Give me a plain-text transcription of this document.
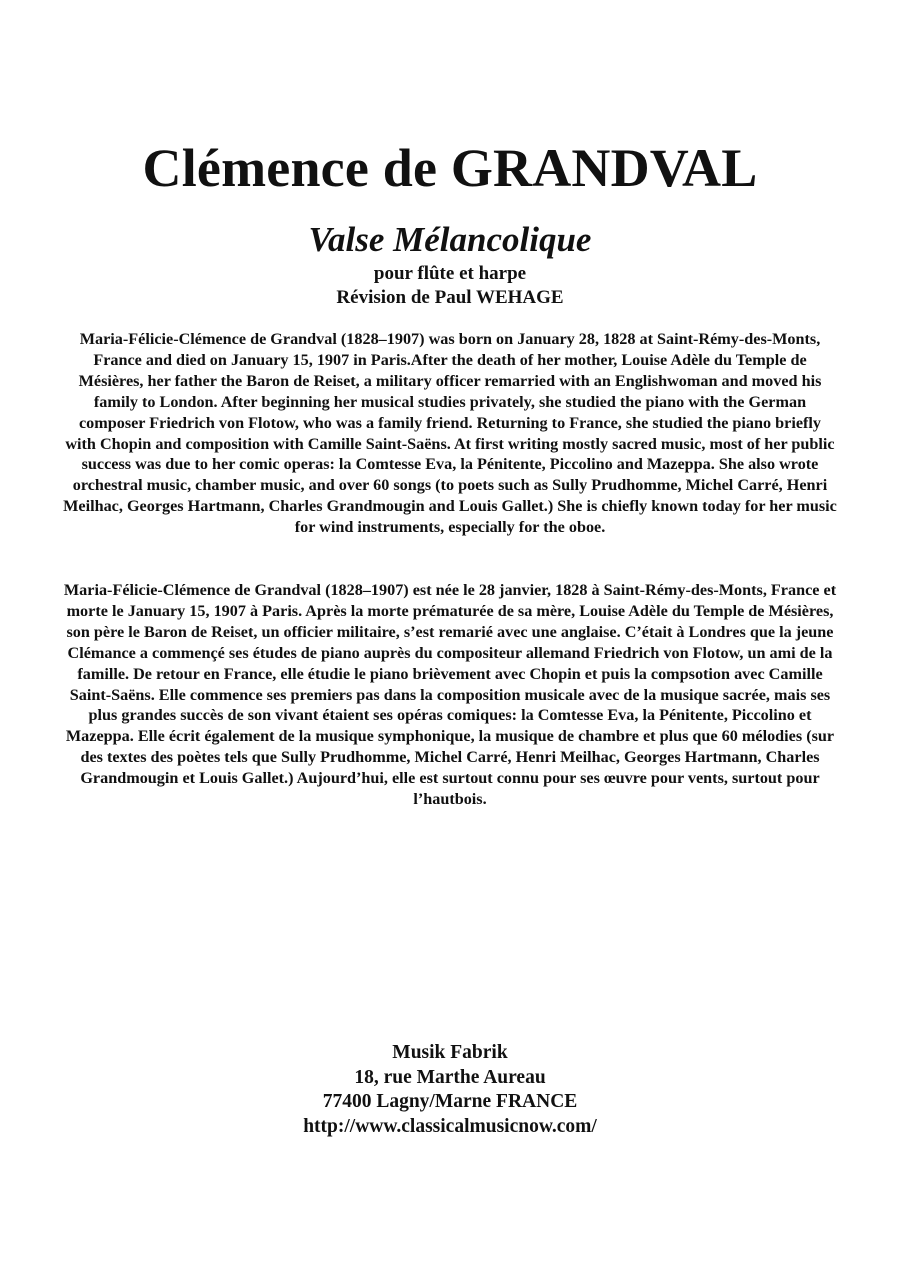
Clémence de GRANDVAL
Valse Mélancolique
pour flûte et harpe
Révision de Paul WEHAGE

Maria-Félicie-Clémence de Grandval (1828–1907) was born on January 28, 1828 at Saint-Rémy-des-Monts, France and died on January 15, 1907 in Paris.After the death of her mother, Louise Adèle du Temple de Mésières, her father the Baron de Reiset, a military officer remarried with an Englishwoman and moved his family to London. After beginning her musical studies privately, she studied the piano with the German composer Friedrich von Flotow, who was a family friend. Returning to France, she studied the piano briefly with Chopin and composition with Camille Saint-Saëns. At first writing mostly sacred music, most of her public success was due to her comic operas: la Comtesse Eva, la Pénitente, Piccolino and Mazeppa. She also wrote orchestral music, chamber music, and over 60 songs (to poets such as Sully Prudhomme, Michel Carré, Henri Meilhac, Georges Hartmann, Charles Grandmougin and Louis Gallet.) She is chiefly known today for her music for wind instruments, especially for the oboe.

Maria-Félicie-Clémence de Grandval (1828–1907) est née le 28 janvier, 1828 à Saint-Rémy-des-Monts, France et morte le January 15, 1907 à Paris. Après la morte prématurée de sa mère, Louise Adèle du Temple de Mésières, son père le Baron de Reiset, un officier militaire, s’est remarié avec une anglaise. C’était à Londres que la jeune Clémance a commençé ses études de piano auprès du compositeur allemand Friedrich von Flotow, un ami de la famille. De retour en France, elle étudie le piano brièvement avec Chopin et puis la compsotion avec Camille Saint-Saëns. Elle commence ses premiers pas dans la composition musicale avec de la musique sacrée, mais ses plus grandes succès de son vivant étaient ses opéras comiques: la Comtesse Eva, la Pénitente, Piccolino et Mazeppa. Elle écrit également de la musique symphonique, la musique de chambre et plus que 60 mélodies (sur des textes des poètes tels que Sully Prudhomme, Michel Carré, Henri Meilhac, Georges Hartmann, Charles Grandmougin et Louis Gallet.) Aujourd’hui, elle est surtout connu pour ses œuvre pour vents, surtout pour l’hautbois.

Musik Fabrik
18, rue Marthe Aureau
77400 Lagny/Marne FRANCE
http://www.classicalmusicnow.com/
